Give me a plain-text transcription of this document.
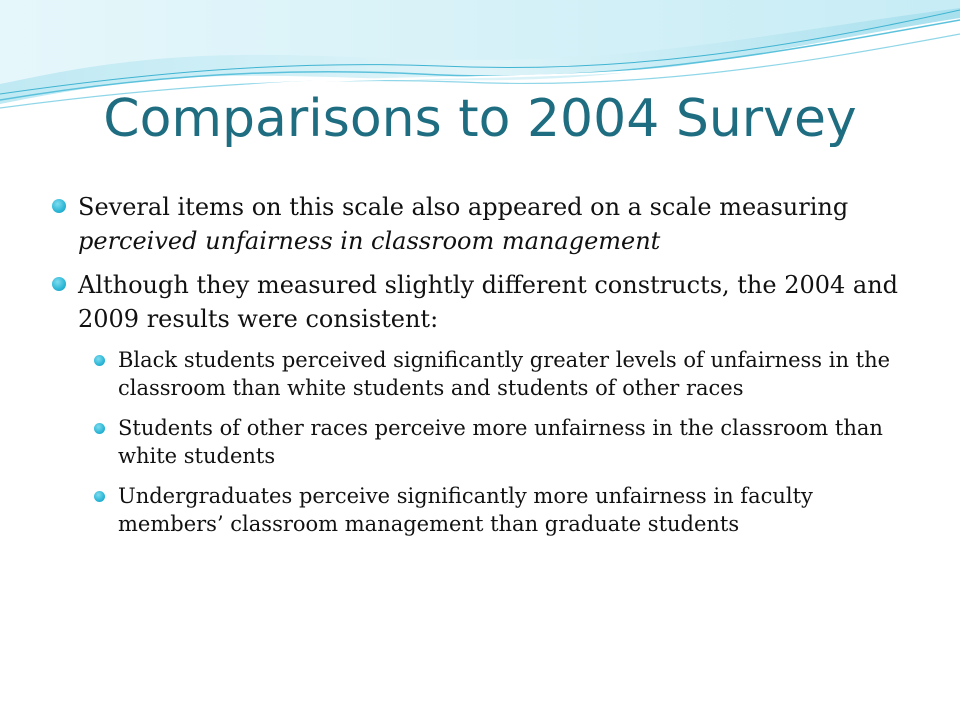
Comparisons to 2004 Survey
Several items on this scale also appeared on a scale measuring perceived unfairness in classroom management
Although they measured slightly different constructs, the 2004 and 2009 results were consistent:
Black students perceived significantly greater levels of unfairness in the classroom than white students and students of other races
Students of other races perceive more unfairness in the classroom than white students
Undergraduates perceive significantly more unfairness in faculty members’ classroom management than graduate students
